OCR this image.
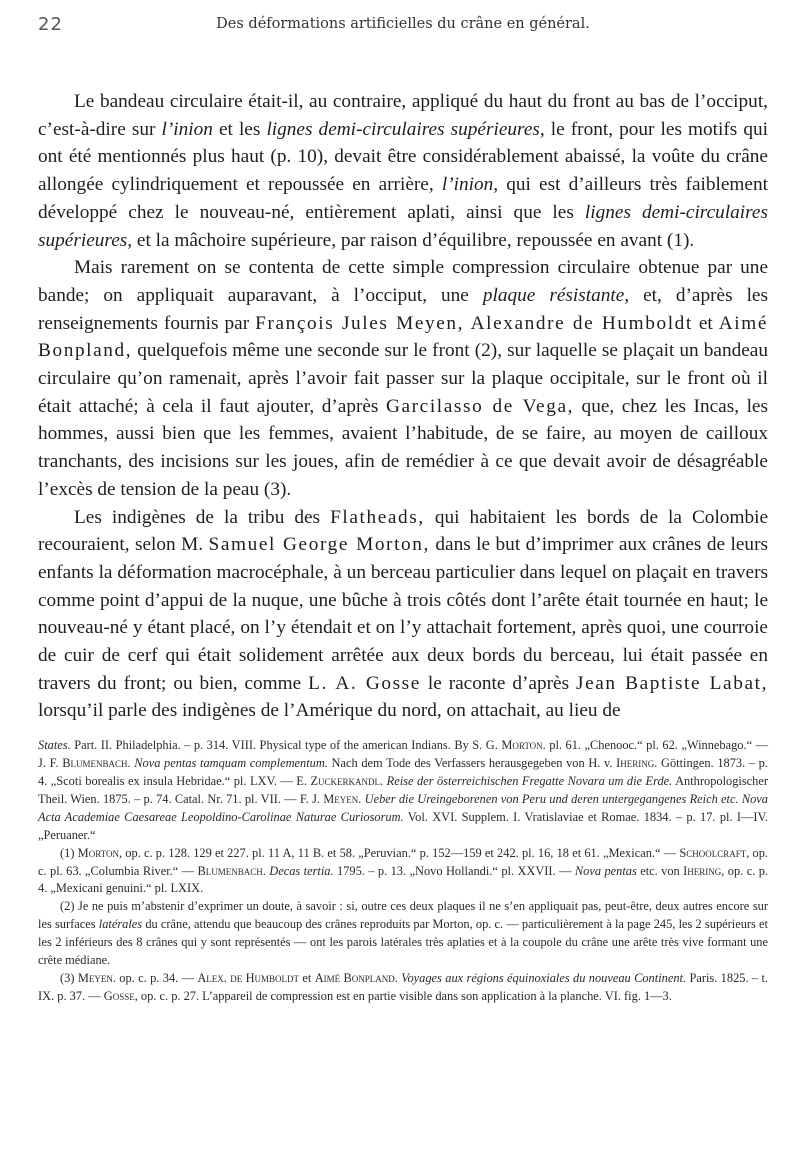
22	Des déformations artificielles du crâne en général.

Le bandeau circulaire était-il, au contraire, appliqué du haut du front au bas de l’occiput, c’est-à-dire sur l’inion et les lignes demi-circulaires supérieures, le front, pour les motifs qui ont été mentionnés plus haut (p. 10), devait être considérablement abaissé, la voûte du crâne allongée cylindriquement et repoussée en arrière, l’inion, qui est d’ailleurs très faiblement développé chez le nouveau-né, entièrement aplati, ainsi que les lignes demi-circulaires supérieures, et la mâchoire supérieure, par raison d’équilibre, repoussée en avant (1).

Mais rarement on se contenta de cette simple compression circulaire obtenue par une bande; on appliquait auparavant, à l’occiput, une plaque résistante, et, d’après les renseignements fournis par François Jules Meyen, Alexandre de Humboldt et Aimé Bonpland, quelquefois même une seconde sur le front (2), sur laquelle se plaçait un bandeau circulaire qu’on ramenait, après l’avoir fait passer sur la plaque occipitale, sur le front où il était attaché; à cela il faut ajouter, d’après Garcilasso de Vega, que, chez les Incas, les hommes, aussi bien que les femmes, avaient l’habitude, de se faire, au moyen de cailloux tranchants, des incisions sur les joues, afin de remédier à ce que devait avoir de désagréable l’excès de tension de la peau (3).

Les indigènes de la tribu des Flatheads, qui habitaient les bords de la Colombie recouraient, selon M. Samuel George Morton, dans le but d’imprimer aux crânes de leurs enfants la déformation macrocéphale, à un berceau particulier dans lequel on plaçait en travers comme point d’appui de la nuque, une bûche à trois côtés dont l’arête était tournée en haut; le nouveau-né y étant placé, on l’y étendait et on l’y attachait fortement, après quoi, une courroie de cuir de cerf qui était solidement arrêtée aux deux bords du berceau, lui était passée en travers du front; ou bien, comme L. A. Gosse le raconte d’après Jean Baptiste Labat, lorsqu’il parle des indigènes de l’Amérique du nord, on attachait, au lieu de

States. Part. II. Philadelphia. – p. 314. VIII. Physical type of the american Indians. By S. G. Morton. pl. 61. „Chenooc.“ pl. 62. „Winnebago.“ — J. F. Blumenbach. Nova pentas tamquam complementum. Nach dem Tode des Verfassers herausgegeben von H. v. Ihering. Göttingen. 1873. – p. 4. „Scoti borealis ex insula Hebridae.“ pl. LXV. — E. Zuckerkandl. Reise der österreichischen Fregatte Novara um die Erde. Anthropologischer Theil. Wien. 1875. – p. 74. Catal. Nr. 71. pl. VII. — F. J. Meyen. Ueber die Ureingeborenen von Peru und deren untergegangenes Reich etc. Nova Acta Academiae Caesareae Leopoldino-Carolinae Naturae Curiosorum. Vol. XVI. Supplem. I. Vratislaviae et Romae. 1834. – p. 17. pl. I—IV. „Peruaner.“

(1) Morton, op. c. p. 128. 129 et 227. pl. 11 A, 11 B. et 58. „Peruvian.“ p. 152—159 et 242. pl. 16, 18 et 61. „Mexican.“ — Schoolcraft, op. c. pl. 63. „Columbia River.“ — Blumenbach. Decas tertia. 1795. – p. 13. „Novo Hollandi.“ pl. XXVII. — Nova pentas etc. von Ihering, op. c. p. 4. „Mexicani genuini.“ pl. LXIX.

(2) Je ne puis m’abstenir d’exprimer un doute, à savoir : si, outre ces deux plaques il ne s’en appliquait pas, peut-être, deux autres encore sur les surfaces latérales du crâne, attendu que beaucoup des crânes reproduits par Morton, op. c. — particulièrement à la page 245, les 2 supérieurs et les 2 inférieurs des 8 crânes qui y sont représentés — ont les parois latérales très aplaties et à la coupole du crâne une arête très vive formant une crête médiane.

(3) Meyen. op. c. p. 34. — Alex. de Humboldt et Aimé Bonpland. Voyages aux régions équinoxiales du nouveau Continent. Paris. 1825. – t. IX. p. 37. — Gosse, op. c. p. 27. L’appareil de compression est en partie visible dans son application à la planche. VI. fig. 1—3.
